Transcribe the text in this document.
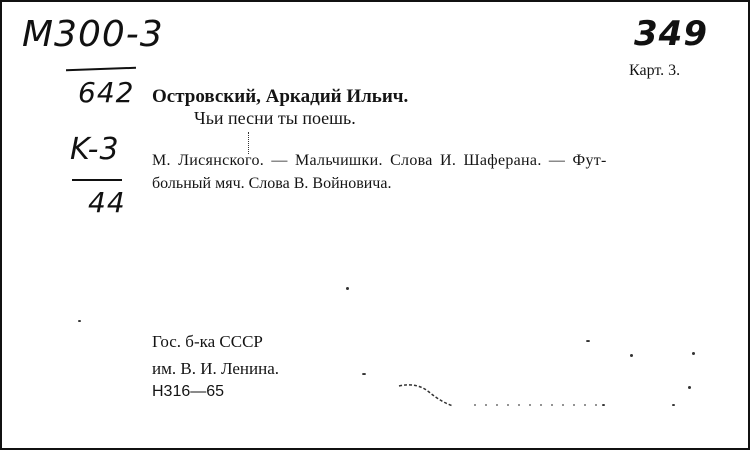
M300-3
642
K-3
44
349
Карт. 3.
Островский, Аркадий Ильич.
Чьи песни ты поешь.
М. Лисянского. — Мальчишки. Слова И. Шаферана. — Фут-
больный мяч. Слова В. Войновича.
Гос. б-ка СССР
им. В. И. Ленина.
Н316—65
